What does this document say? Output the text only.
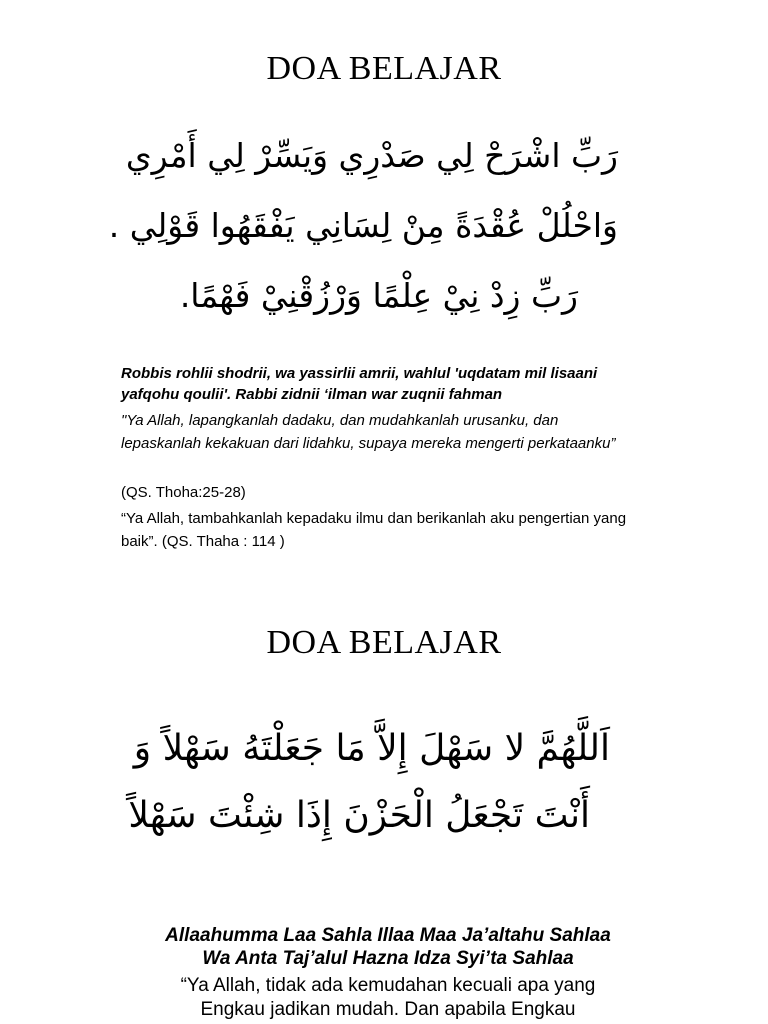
DOA BELAJAR

رَبِّ اشْرَحْ لِي صَدْرِي وَيَسِّرْ لِي أَمْرِي

وَاحْلُلْ عُقْدَةً مِنْ لِسَانِي يَفْقَهُوا قَوْلِي .

رَبِّ زِدْ نِيْ عِلْمًا وَرْزُقْنِيْ فَهْمًا.

Robbis rohlii shodrii, wa yassirlii amrii, wahlul 'uqdatam mil lisaani yafqohu qoulii'. Rabbi zidnii ‘ilman war zuqnii fahman

"Ya Allah, lapangkanlah dadaku, dan mudahkanlah urusanku, dan lepaskanlah kekakuan dari lidahku, supaya mereka mengerti perkataanku”

(QS. Thoha:25-28)

“Ya Allah, tambahkanlah kepadaku ilmu dan berikanlah aku pengertian yang baik”. (QS. Thaha : 114 )

DOA BELAJAR

اَللَّهُمَّ لا سَهْلَ إِلاَّ مَا جَعَلْتَهُ سَهْلاً وَ

أَنْتَ تَجْعَلُ الْحَزْنَ إِذَا شِئْتَ سَهْلاً

Allaahumma Laa Sahla Illaa Maa Ja’altahu Sahlaa

Wa Anta Taj’alul Hazna Idza Syi’ta Sahlaa

“Ya Allah, tidak ada kemudahan kecuali apa yang

Engkau jadikan mudah. Dan apabila Engkau
